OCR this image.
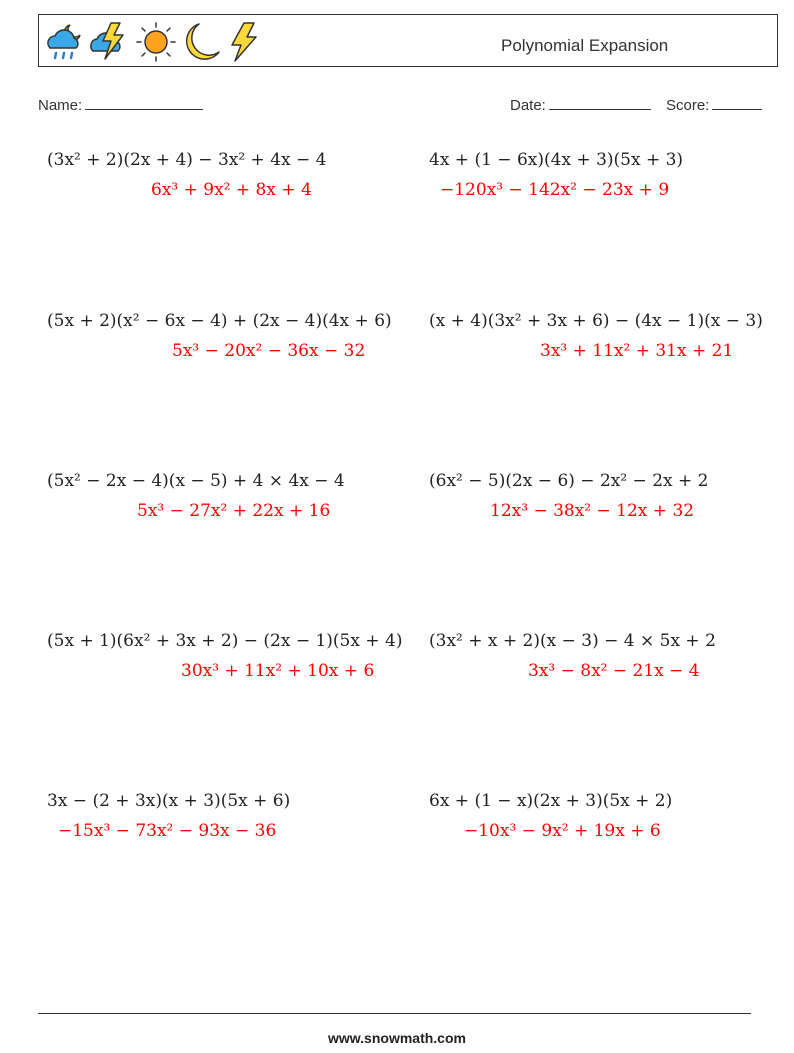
Polynomial Expansion
Name:	Date:	Score:
(3x² + 2)(2x + 4) − 3x² + 4x − 4
6x³ + 9x² + 8x + 4
4x + (1 − 6x)(4x + 3)(5x + 3)
−120x³ − 142x² − 23x + 9
(5x + 2)(x² − 6x − 4) + (2x − 4)(4x + 6)
5x³ − 20x² − 36x − 32
(x + 4)(3x² + 3x + 6) − (4x − 1)(x − 3)
3x³ + 11x² + 31x + 21
(5x² − 2x − 4)(x − 5) + 4 × 4x − 4
5x³ − 27x² + 22x + 16
(6x² − 5)(2x − 6) − 2x² − 2x + 2
12x³ − 38x² − 12x + 32
(5x + 1)(6x² + 3x + 2) − (2x − 1)(5x + 4)
30x³ + 11x² + 10x + 6
(3x² + x + 2)(x − 3) − 4 × 5x + 2
3x³ − 8x² − 21x − 4
3x − (2 + 3x)(x + 3)(5x + 6)
−15x³ − 73x² − 93x − 36
6x + (1 − x)(2x + 3)(5x + 2)
−10x³ − 9x² + 19x + 6
www.snowmath.com
